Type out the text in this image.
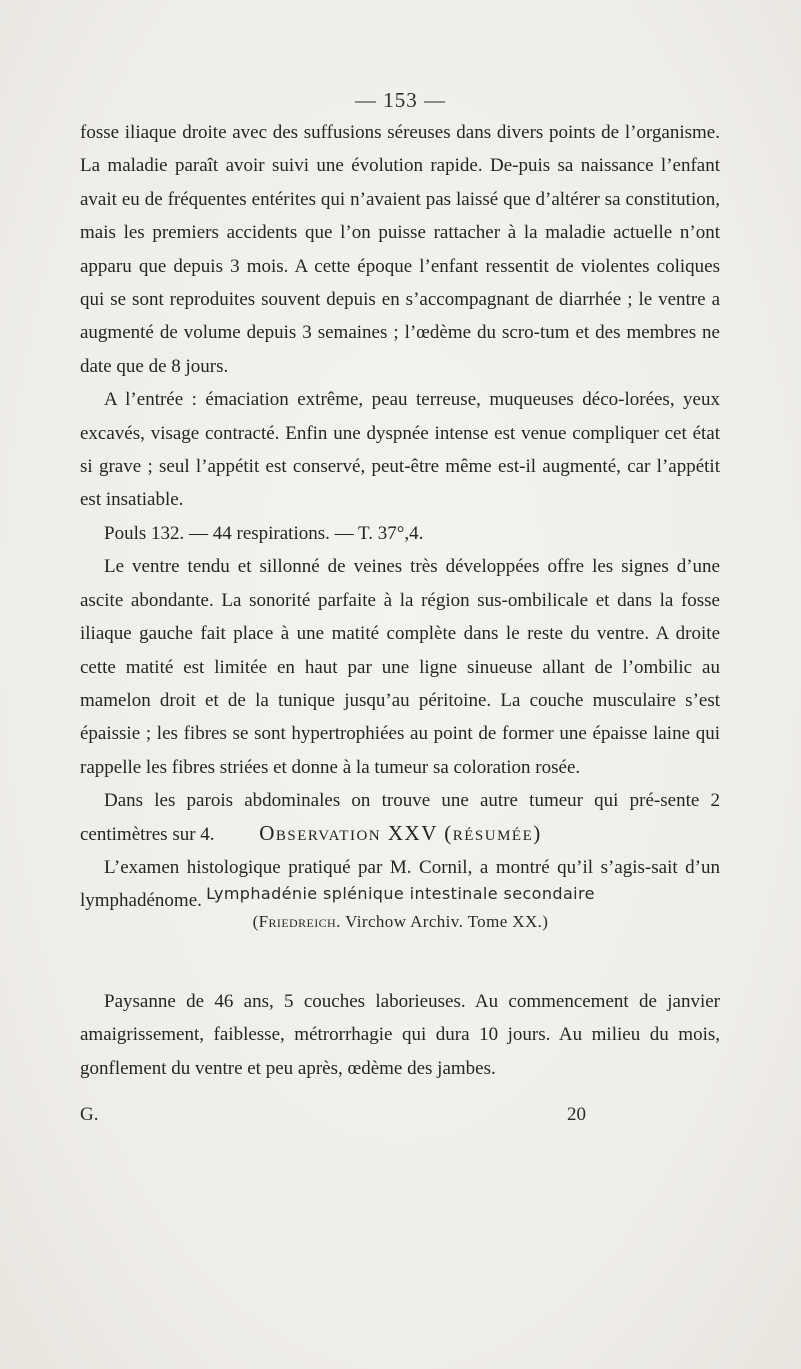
— 153 —

fosse iliaque droite avec des suffusions séreuses dans divers points de l’organisme. La maladie paraît avoir suivi une évolution rapide. De-puis sa naissance l’enfant avait eu de fréquentes entérites qui n’avaient pas laissé que d’altérer sa constitution, mais les premiers accidents que l’on puisse rattacher à la maladie actuelle n’ont apparu que depuis 3 mois. A cette époque l’enfant ressentit de violentes coliques qui se sont reproduites souvent depuis en s’accompagnant de diarrhée ; le ventre a augmenté de volume depuis 3 semaines ; l’œdème du scro-tum et des membres ne date que de 8 jours.

A l’entrée : émaciation extrême, peau terreuse, muqueuses déco-lorées, yeux excavés, visage contracté. Enfin une dyspnée intense est venue compliquer cet état si grave ; seul l’appétit est conservé, peut-être même est-il augmenté, car l’appétit est insatiable.

Pouls 132. — 44 respirations. — T. 37°,4.

Le ventre tendu et sillonné de veines très développées offre les signes d’une ascite abondante. La sonorité parfaite à la région sus-ombilicale et dans la fosse iliaque gauche fait place à une matité complète dans le reste du ventre. A droite cette matité est limitée en haut par une ligne sinueuse allant de l’ombilic au mamelon droit et de la tunique jusqu’au péritoine. La couche musculaire s’est épaissie ; les fibres se sont hypertrophiées au point de former une épaisse laine qui rappelle les fibres striées et donne à la tumeur sa coloration rosée.

Dans les parois abdominales on trouve une autre tumeur qui pré-sente 2 centimètres sur 4.

L’examen histologique pratiqué par M. Cornil, a montré qu’il s’agis-sait d’un lymphadénome.

Observation XXV (résumée)
Lymphadénie splénique intestinale secondaire
(Friedreich. Virchow Archiv. Tome XX.)

Paysanne de 46 ans, 5 couches laborieuses. Au commencement de janvier amaigrissement, faiblesse, métrorrhagie qui dura 10 jours. Au milieu du mois, gonflement du ventre et peu après, œdème des jambes.

G.	20
